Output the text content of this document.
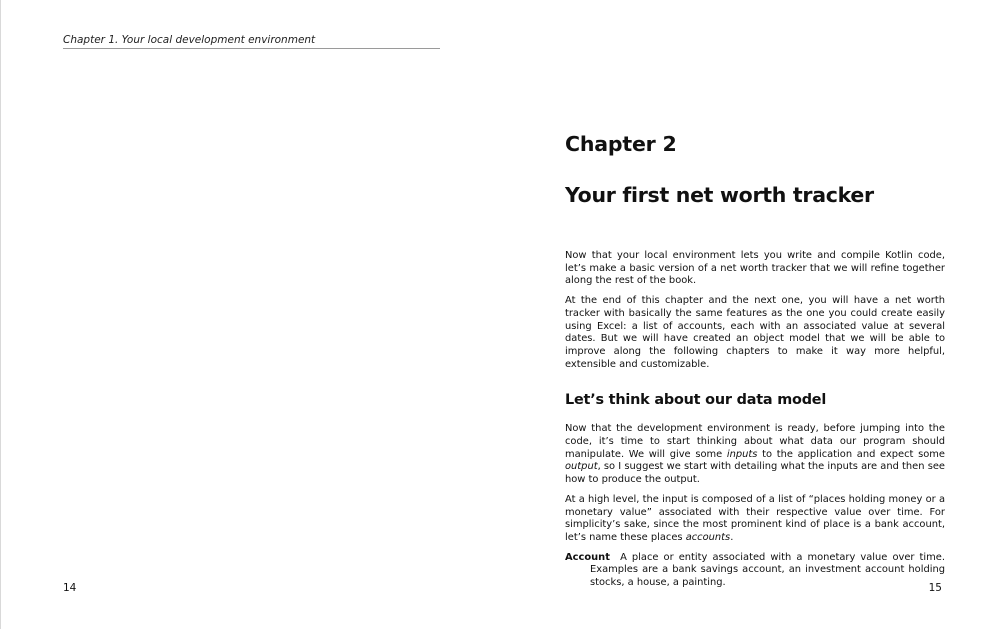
Chapter 1. Your local development environment
14
Chapter 2
Your first net worth tracker

Now that your local environment lets you write and compile Kotlin code, let’s make a basic version of a net worth tracker that we will refine together along the rest of the book.

At the end of this chapter and the next one, you will have a net worth tracker with basically the same features as the one you could create easily using Excel: a list of accounts, each with an associated value at several dates. But we will have created an object model that we will be able to improve along the following chapters to make it way more helpful, extensible and customizable.

Let’s think about our data model

Now that the development environment is ready, before jumping into the code, it’s time to start thinking about what data our program should manipulate. We will give some inputs to the application and expect some output, so I suggest we start with detailing what the inputs are and then see how to produce the output.

At a high level, the input is composed of a list of “places holding money or a monetary value” associated with their respective value over time. For simplicity’s sake, since the most prominent kind of place is a bank account, let’s name these places accounts.

Account A place or entity associated with a monetary value over time. Examples are a bank savings account, an investment account holding stocks, a house, a painting.	15
